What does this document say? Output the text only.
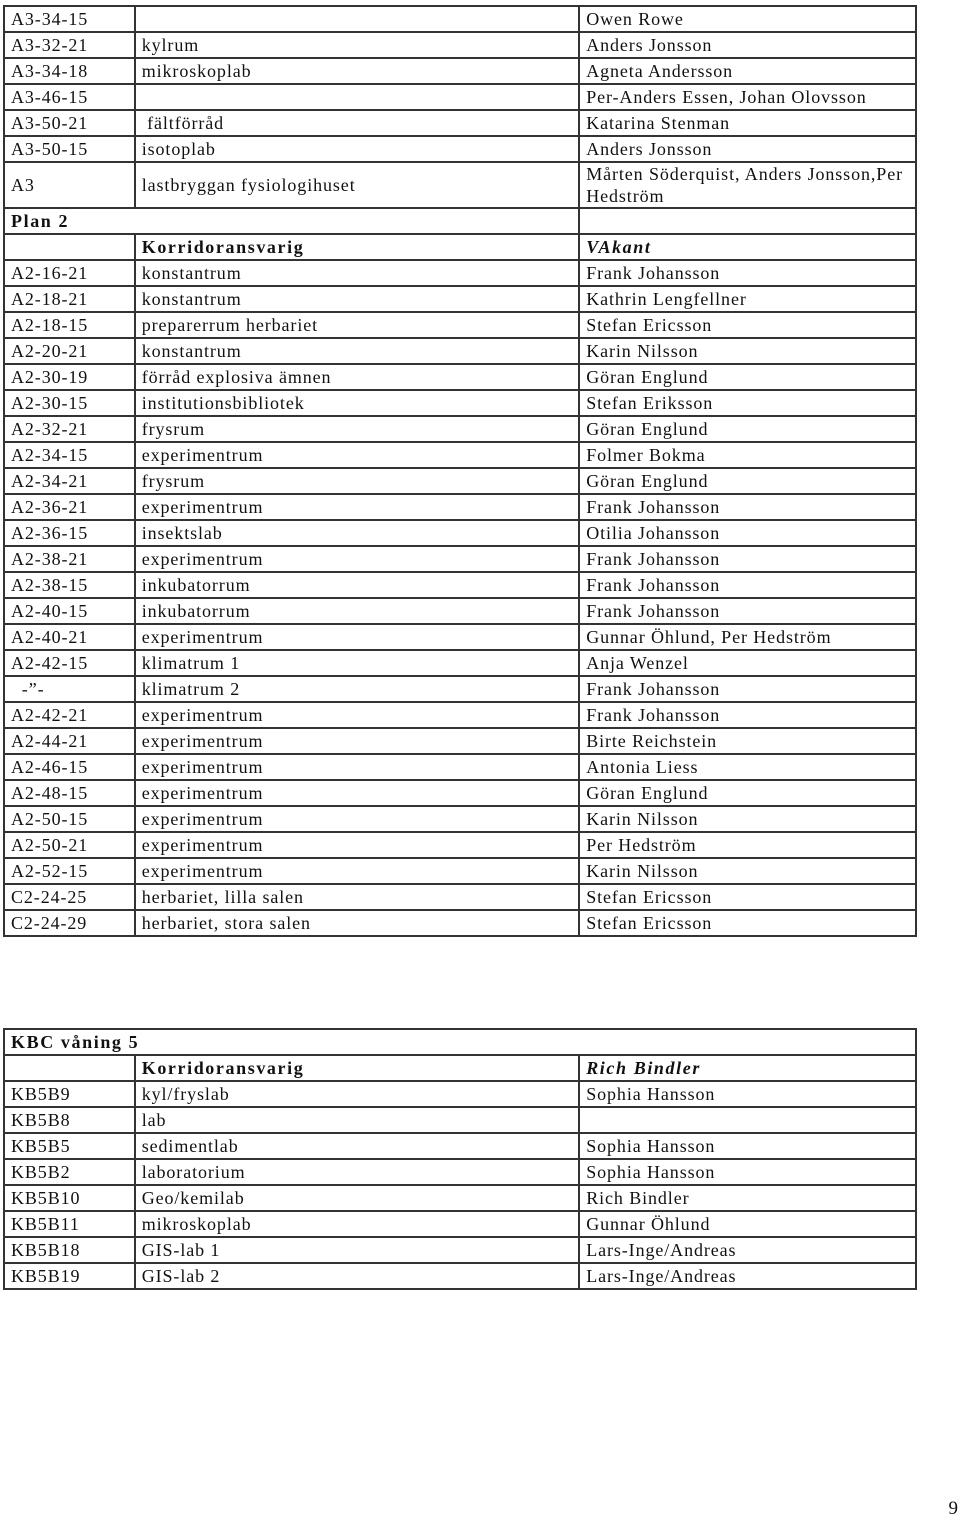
A3-34-15		Owen Rowe
A3-32-21	kylrum	Anders Jonsson
A3-34-18	mikroskoplab	Agneta Andersson
A3-46-15		Per-Anders Essen, Johan Olovsson
A3-50-21	fältförråd	Katarina Stenman
A3-50-15	isotoplab	Anders Jonsson
A3	lastbryggan fysiologihuset	Mårten Söderquist, Anders Jonsson,Per Hedström
Plan 2		
	Korridoransvarig	VAkant
A2-16-21	konstantrum	Frank Johansson
A2-18-21	konstantrum	Kathrin Lengfellner
A2-18-15	preparerrum herbariet	Stefan Ericsson
A2-20-21	konstantrum	Karin Nilsson
A2-30-19	förråd explosiva ämnen	Göran Englund
A2-30-15	institutionsbibliotek	Stefan Eriksson
A2-32-21	frysrum	Göran Englund
A2-34-15	experimentrum	Folmer Bokma
A2-34-21	frysrum	Göran Englund
A2-36-21	experimentrum	Frank Johansson
A2-36-15	insektslab	Otilia Johansson
A2-38-21	experimentrum	Frank Johansson
A2-38-15	inkubatorrum	Frank Johansson
A2-40-15	inkubatorrum	Frank Johansson
A2-40-21	experimentrum	Gunnar Öhlund, Per Hedström
A2-42-15	klimatrum 1	Anja Wenzel
-”-	klimatrum 2	Frank Johansson
A2-42-21	experimentrum	Frank Johansson
A2-44-21	experimentrum	Birte Reichstein
A2-46-15	experimentrum	Antonia Liess
A2-48-15	experimentrum	Göran Englund
A2-50-15	experimentrum	Karin Nilsson
A2-50-21	experimentrum	Per Hedström
A2-52-15	experimentrum	Karin Nilsson
C2-24-25	herbariet, lilla salen	Stefan Ericsson
C2-24-29	herbariet, stora salen	Stefan Ericsson
KBC våning 5		
	Korridoransvarig	Rich Bindler
KB5B9	kyl/fryslab	Sophia Hansson
KB5B8	lab	
KB5B5	sedimentlab	Sophia Hansson
KB5B2	laboratorium	Sophia Hansson
KB5B10	Geo/kemilab	Rich Bindler
KB5B11	mikroskoplab	Gunnar Öhlund
KB5B18	GIS-lab 1	Lars-Inge/Andreas
KB5B19	GIS-lab 2	Lars-Inge/Andreas
9
